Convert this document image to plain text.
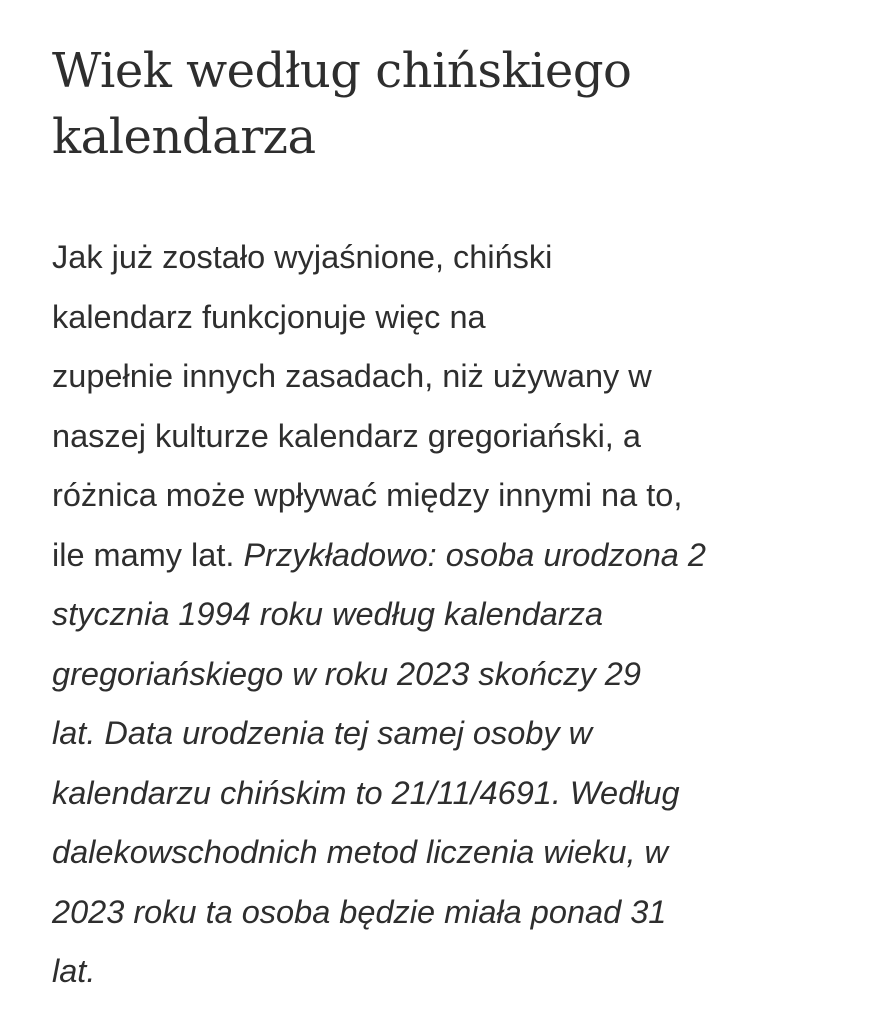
Wiek według chińskiego
kalendarza
Jak już zostało wyjaśnione, chiński
kalendarz funkcjonuje więc na
zupełnie innych zasadach, niż używany w
naszej kulturze kalendarz gregoriański, a
różnica może wpływać między innymi na to,
ile mamy lat. Przykładowo: osoba urodzona 2
stycznia 1994 roku według kalendarza
gregoriańskiego w roku 2023 skończy 29
lat. Data urodzenia tej samej osoby w
kalendarzu chińskim to 21/11/4691. Według
dalekowschodnich metod liczenia wieku, w
2023 roku ta osoba będzie miała ponad 31
lat.
